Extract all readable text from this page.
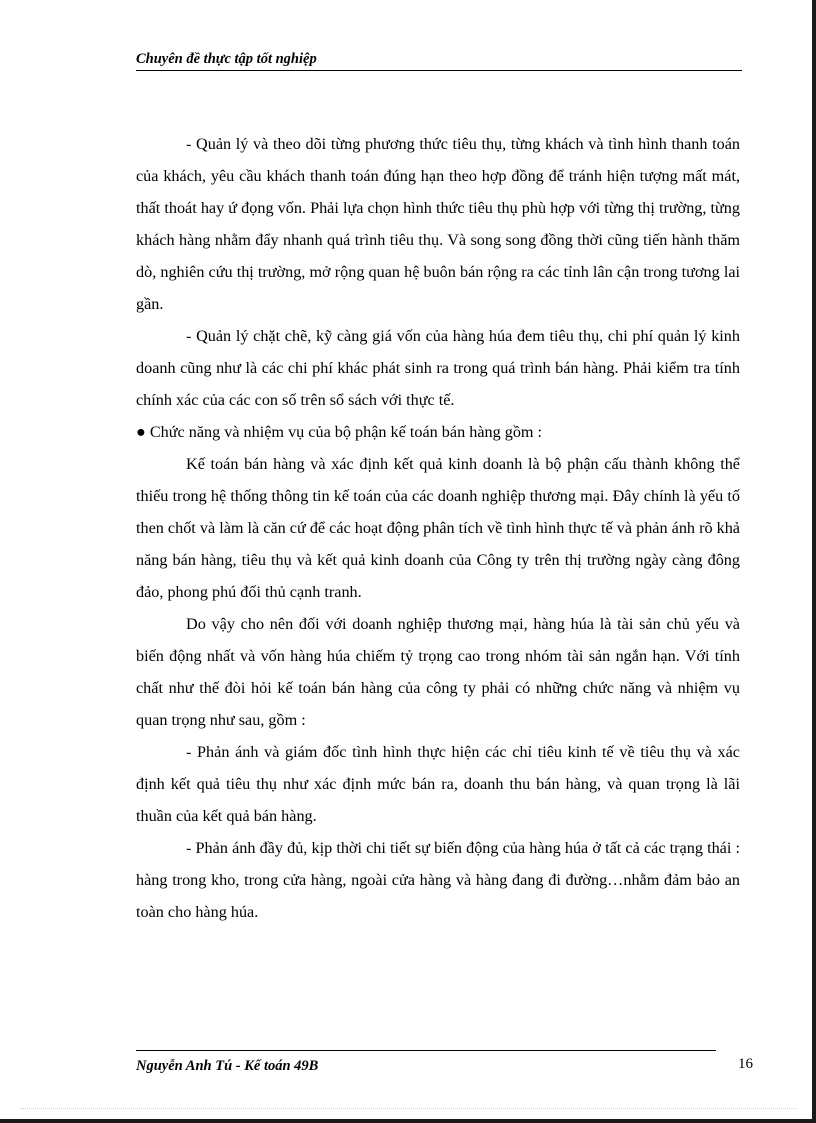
Chuyên đề thực tập tốt nghiệp

- Quản lý và theo dõi từng phương thức tiêu thụ, từng khách và tình hình thanh toán của khách, yêu cầu khách thanh toán đúng hạn theo hợp đồng để tránh hiện tượng mất mát, thất thoát hay ứ đọng vốn. Phải lựa chọn hình thức tiêu thụ phù hợp với từng thị trường, từng khách hàng nhằm đẩy nhanh quá trình tiêu thụ. Và song song đồng thời cũng tiến hành thăm dò, nghiên cứu thị trường, mở rộng quan hệ buôn bán rộng ra các tỉnh lân cận trong tương lai gần.

- Quản lý chặt chẽ, kỹ càng giá vốn của hàng húa đem tiêu thụ, chi phí quản lý kinh doanh cũng như là các chi phí khác phát sinh ra trong quá trình bán hàng. Phải kiểm tra tính chính xác của các con số trên sổ sách với thực tế.

● Chức năng và nhiệm vụ của bộ phận kế toán bán hàng gồm :

Kế toán bán hàng và xác định kết quả kinh doanh là bộ phận cấu thành không thể thiếu trong hệ thống thông tin kế toán của các doanh nghiệp thương mại. Đây chính là yếu tố then chốt và làm là căn cứ để các hoạt động phân tích về tình hình thực tế và phản ánh rõ khả năng bán hàng, tiêu thụ và kết quả kinh doanh của Công ty trên thị trường ngày càng đông đảo, phong phú đối thủ cạnh tranh.

Do vậy cho nên đối với doanh nghiệp thương mại, hàng húa là tài sản chủ yếu và biến động nhất và vốn hàng húa chiếm tỷ trọng cao trong nhóm tài sản ngắn hạn. Với tính chất như thế đòi hỏi kế toán bán hàng của công ty phải có những chức năng và nhiệm vụ quan trọng như sau, gồm :

- Phản ánh và giám đốc tình hình thực hiện các chỉ tiêu kinh tế về tiêu thụ và xác định kết quả tiêu thụ như xác định mức bán ra, doanh thu bán hàng, và quan trọng là lãi thuần của kết quả bán hàng.

- Phản ánh đầy đủ, kịp thời chi tiết sự biến động của hàng húa ở tất cả các trạng thái : hàng trong kho, trong cửa hàng, ngoài cửa hàng và hàng đang đi đường…nhằm đảm bảo an toàn cho hàng húa.

Nguyễn Anh Tú - Kế toán 49B	16
